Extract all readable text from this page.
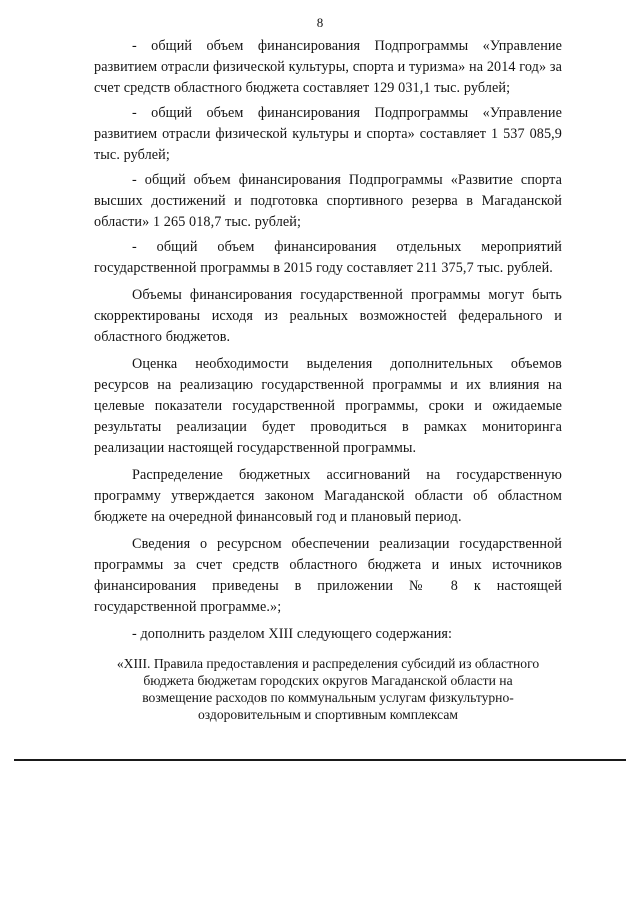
8

- общий объем финансирования Подпрограммы «Управление развитием отрасли физической культуры, спорта и туризма» на 2014 год» за счет средств областного бюджета составляет 129 031,1 тыс. рублей;

- общий объем финансирования Подпрограммы «Управление развитием отрасли физической культуры и спорта» составляет 1 537 085,9 тыс. рублей;

- общий объем финансирования Подпрограммы «Развитие спорта высших достижений и подготовка спортивного резерва в Магаданской области» 1 265 018,7 тыс. рублей;

- общий объем финансирования отдельных мероприятий государственной программы в 2015 году составляет 211 375,7 тыс. рублей.

Объемы финансирования государственной программы могут быть скорректированы исходя из реальных возможностей федерального и областного бюджетов.

Оценка необходимости выделения дополнительных объемов ресурсов на реализацию государственной программы и их влияния на целевые показатели государственной программы, сроки и ожидаемые результаты реализации будет проводиться в рамках мониторинга реализации настоящей государственной программы.

Распределение бюджетных ассигнований на государственную программу утверждается законом Магаданской области об областном бюджете на очередной финансовый год и плановый период.

Сведения о ресурсном обеспечении реализации государственной программы за счет средств областного бюджета и иных источников финансирования приведены в приложении № 8 к настоящей государственной программе.»;

- дополнить разделом XIII следующего содержания:

«XIII. Правила предоставления и распределения субсидий из областного бюджета бюджетам городских округов Магаданской области на возмещение расходов по коммунальным услугам физкультурно-оздоровительным и спортивным комплексам
